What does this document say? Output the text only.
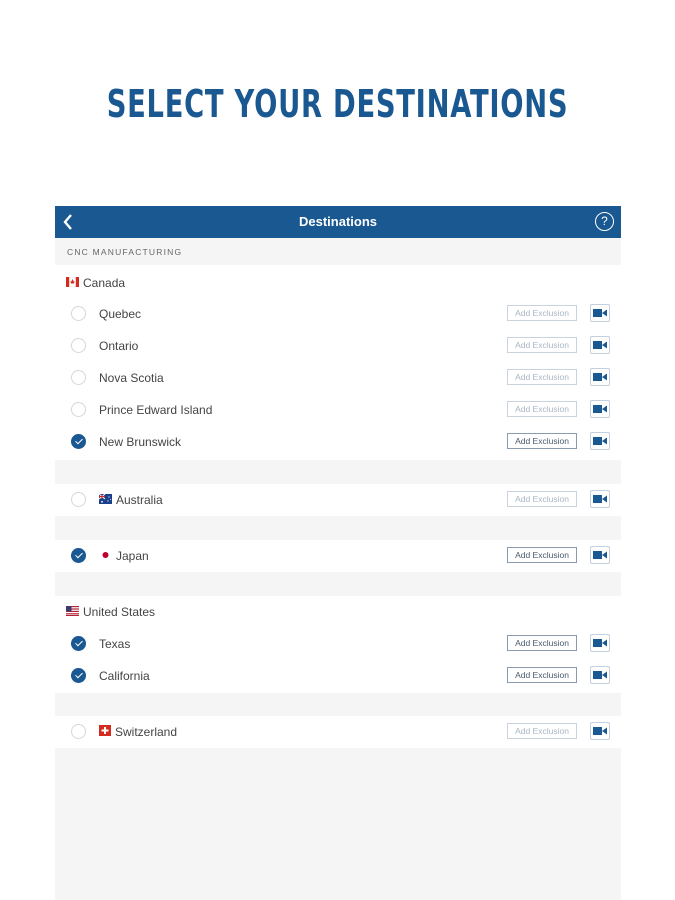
SELECT YOUR DESTINATIONS
Destinations	?
CNC MANUFACTURING
Canada
Quebec	Add Exclusion
Ontario	Add Exclusion
Nova Scotia	Add Exclusion
Prince Edward Island	Add Exclusion
New Brunswick	Add Exclusion
Australia	Add Exclusion
Japan	Add Exclusion
United States
Texas	Add Exclusion
California	Add Exclusion
Switzerland	Add Exclusion
